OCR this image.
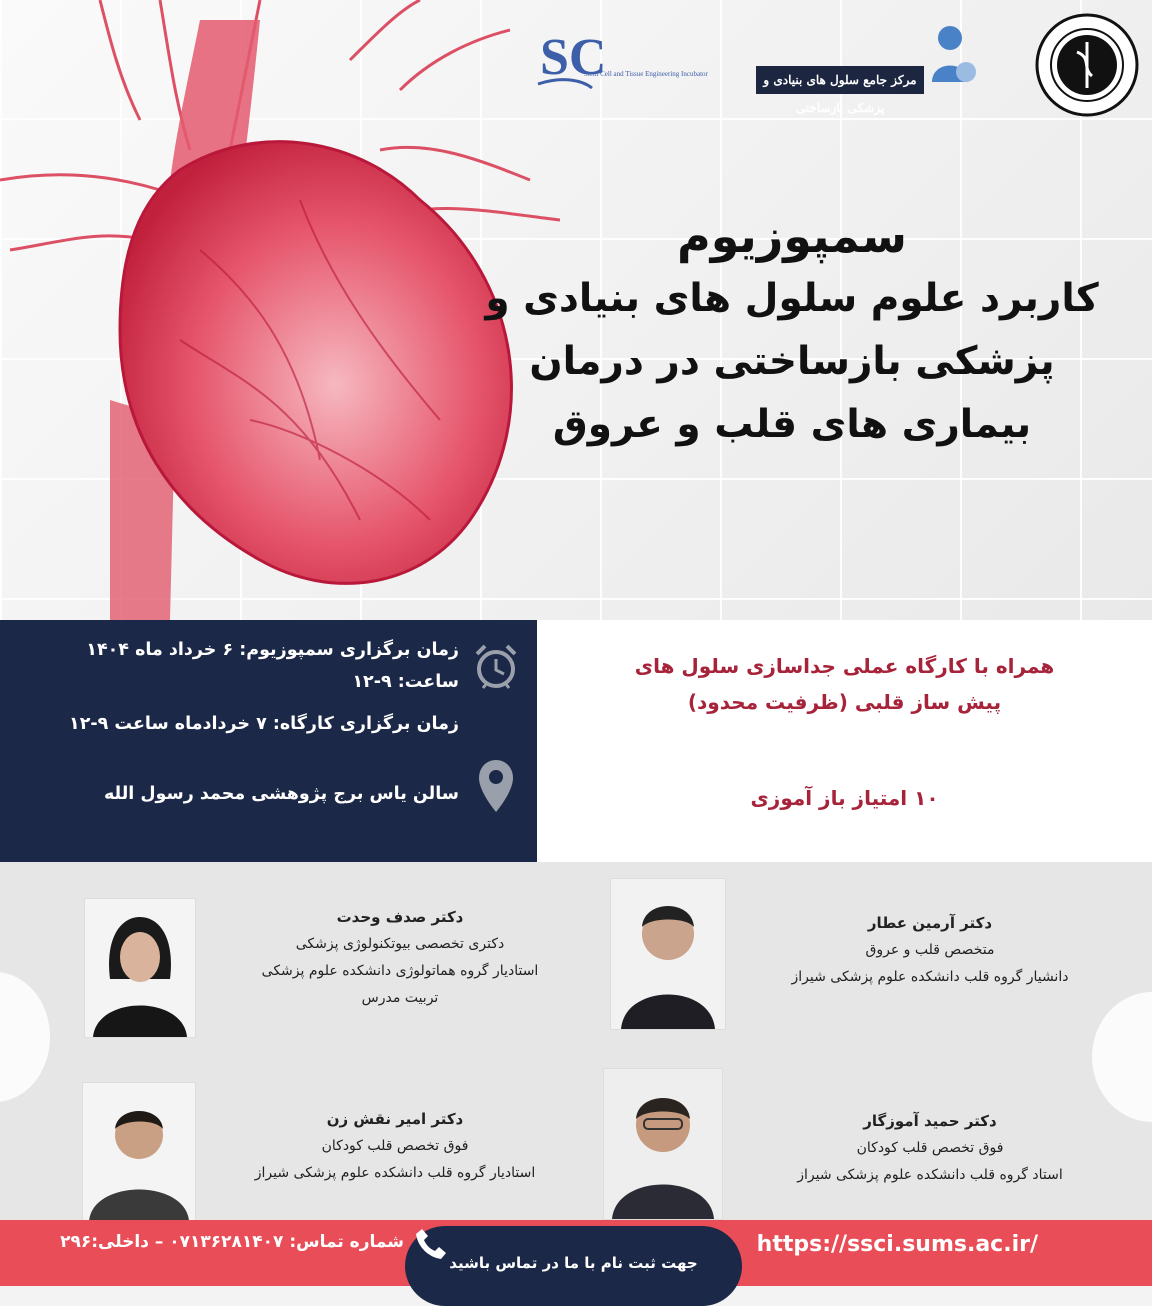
مرکز جامع سلول های بنیادی و پزشکی بازساختی
SC
Stem Cell and Tissue Engineering Incubator
سمپوزیوم
کاربرد علوم سلول های بنیادی و
پزشکی بازساختی در درمان
بیماری های قلب و عروق
زمان برگزاری سمپوزیوم: ۶ خرداد ماه ۱۴۰۴
ساعت: ۹-۱۲
زمان برگزاری کارگاه: ۷ خردادماه ساعت ۹-۱۲
سالن یاس برج پژوهشی محمد رسول الله
همراه با کارگاه عملی جداسازی سلول های
پیش ساز قلبی (ظرفیت محدود)
۱۰ امتیاز باز آموزی
دکتر آرمین عطار
متخصص قلب و عروق
دانشیار گروه قلب دانشکده علوم پزشکی شیراز
دکتر صدف وحدت
دکتری تخصصی بیوتکنولوژی پزشکی
استادیار گروه هماتولوژی دانشکده علوم پزشکی
تربیت مدرس
دکتر حمید آموزگار
فوق تخصص قلب کودکان
استاد گروه قلب دانشکده علوم پزشکی شیراز
دکتر امیر نقش زن
فوق تخصص قلب کودکان
استادیار گروه قلب دانشکده علوم پزشکی شیراز
جهت ثبت نام با ما در تماس باشید
شماره تماس: ۰۷۱۳۶۲۸۱۴۰۷ – داخلی:۲۹۶	https://ssci.sums.ac.ir/
